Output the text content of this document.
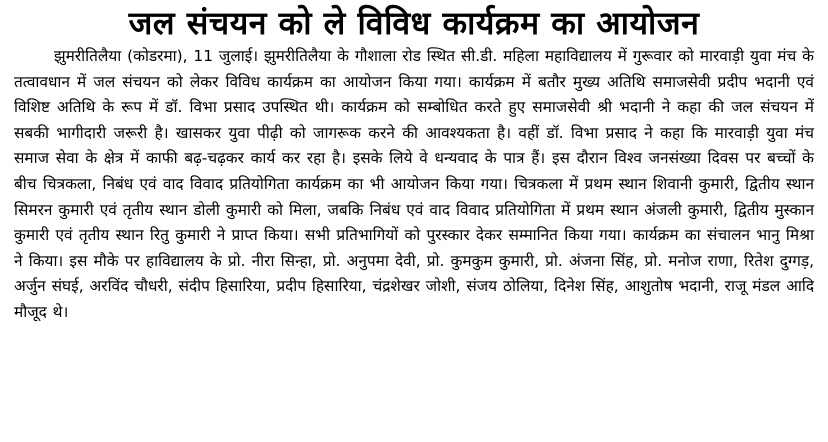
जल संचयन को ले विविध कार्यक्रम का आयोजन

झुमरीतिलैया (कोडरमा), 11 जुलाई। झुमरीतिलैया के गौशाला रोड स्थित सी.डी. महिला महाविद्यालय में गुरूवार को मारवाड़ी युवा मंच के तत्वावधान में जल संचयन को लेकर विविध कार्यक्रम का आयोजन किया गया। कार्यक्रम में बतौर मुख्य अतिथि समाजसेवी प्रदीप भदानी एवं विशिष्ट अतिथि के रूप में डॉ. विभा प्रसाद उपस्थित थी। कार्यक्रम को सम्बोधित करते हुए समाजसेवी श्री भदानी ने कहा की जल संचयन में सबकी भागीदारी जरूरी है। खासकर युवा पीढ़ी को जागरूक करने की आवश्यकता है। वहीं डॉ. विभा प्रसाद ने कहा कि मारवाड़ी युवा मंच समाज सेवा के क्षेत्र में काफी बढ़-चढ़कर कार्य कर रहा है। इसके लिये वे धन्यवाद के पात्र हैं। इस दौरान विश्व जनसंख्या दिवस पर बच्चों के बीच चित्रकला, निबंध एवं वाद विवाद प्रतियोगिता कार्यक्रम का भी आयोजन किया गया। चित्रकला में प्रथम स्थान शिवानी कुमारी, द्वितीय स्थान सिमरन कुमारी एवं तृतीय स्थान डोली कुमारी को मिला, जबकि निबंध एवं वाद विवाद प्रतियोगिता में प्रथम स्थान अंजली कुमारी, द्वितीय मुस्कान कुमारी एवं तृतीय स्थान रितु कुमारी ने प्राप्त किया। सभी प्रतिभागियों को पुरस्कार देकर सम्मानित किया गया। कार्यक्रम का संचालन भानु मिश्रा ने किया। इस मौके पर हाविद्यालय के प्रो. नीरा सिन्हा, प्रो. अनुपमा देवी, प्रो. कुमकुम कुमारी, प्रो. अंजना सिंह, प्रो. मनोज राणा, रितेश दुग्गड़, अर्जुन संघई, अरविंद चौधरी, संदीप हिसारिया, प्रदीप हिसारिया, चंद्रशेखर जोशी, संजय ठोलिया, दिनेश सिंह, आशुतोष भदानी, राजू मंडल आदि मौजूद थे।
